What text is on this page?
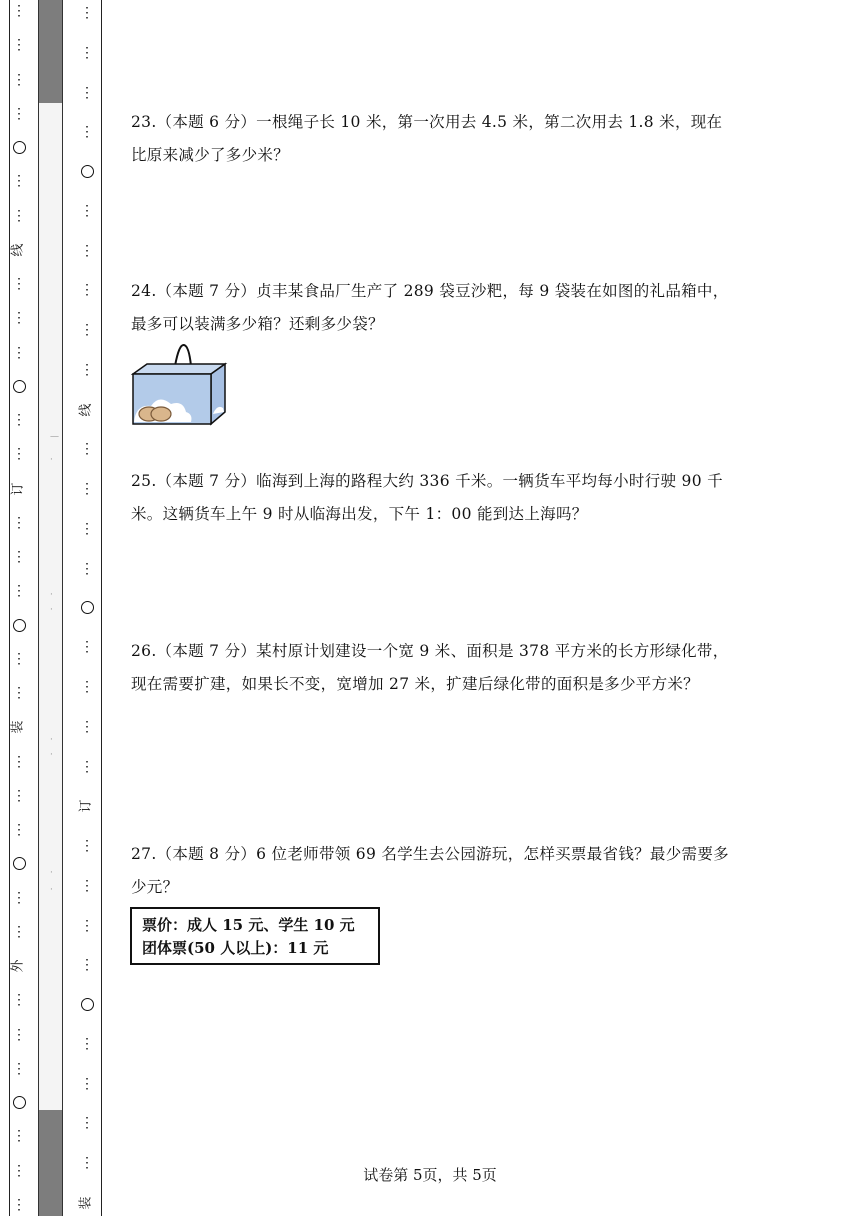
⋮
⋮
⋮
⋮
⋮
⋮
线
⋮
⋮
⋮
⋮
⋮
订
⋮
⋮
⋮
⋮
⋮
装
⋮
⋮
⋮
⋮
⋮
外
⋮
⋮
⋮
⋮
⋮
⋮
—
·
·
·
·
·
·
·
⋮
⋮
⋮
⋮
⋮
⋮
⋮
⋮
⋮
线
⋮
⋮
⋮
⋮
⋮
⋮
⋮
⋮
订
⋮
⋮
⋮
⋮
⋮
⋮
⋮
⋮
装
23.（本题 6 分）一根绳子长 10 米，第一次用去 4.5 米，第二次用去 1.8 米，现在比原来减少了多少米？
24.（本题 7 分）贞丰某食品厂生产了 289 袋豆沙粑，每 9 袋装在如图的礼品箱中，最多可以装满多少箱？还剩多少袋？
25.（本题 7 分）临海到上海的路程大约 336 千米。一辆货车平均每小时行驶 90 千米。这辆货车上午 9 时从临海出发，下午 1：00 能到达上海吗？
26.（本题 7 分）某村原计划建设一个宽 9 米、面积是 378 平方米的长方形绿化带，现在需要扩建，如果长不变，宽增加 27 米，扩建后绿化带的面积是多少平方米？
27.（本题 8 分）6 位老师带领 69 名学生去公园游玩，怎样买票最省钱？最少需要多少元？
票价：成人 15 元、学生 10 元
团体票(50 人以上)：11 元
试卷第 5页，共 5页
